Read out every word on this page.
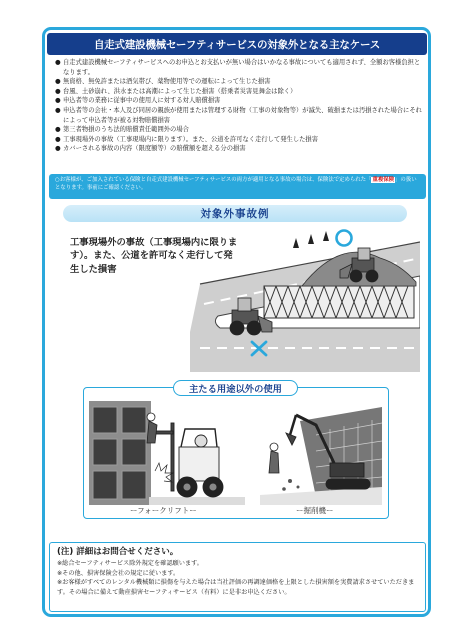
自走式建設機械セーフティサービスの対象外となる主なケース
● 自走式建設機械セーフティサービスへのお申込とお支払いが無い場合はいかなる事故についても適用されず、全額お客様負担となります。
● 無資格、無免許または酒気帯び、薬物使用等での運転によって生じた損害
● 台風、土砂崩れ、洪水または高潮によって生じた損害（搭乗者災害見舞金は除く）
● 申込者等の業務に従事中の使用人に対する対人賠償損害
● 申込者等の会社・本人及び同居の親族が使用または管理する財物（工事の対象物等）が滅失、破損または汚損された場合にそれによって申込者等が被る対物賠償損害
● 第三者物損のうち法的賠償責任範囲外の場合
● 工事現場外の事故（工事現場内に限ります）。また、公道を許可なく走行して発生した損害
● カバーされる事故の内容（限度額等）の賠償額を超える分の損害
○お客様が、ご加入されている保険と自走式建設機械セーフティサービスの両方が適用となる事故の場合は、保険法で定められた「重複保険」の扱いとなります。事前にご確認ください。
対象外事故例
工事現場外の事故（工事現場内に限ります）。また、公道を許可なく走行して発生した損害
主たる用途以外の使用
ーフォークリフトー	ー掘削機ー
(注) 詳細はお問合せください。
※総合セーフティサービス除外規定を確認願います。
※その他、損害保険会社の規定に従います。
※お客様がすべてのレンタル機械類に損傷を与えた場合は当社評価の再調達価格を上限とした損害額を実費請求させていただきます。その場合に備えて動産損害セーフティサービス（有料）に是非お申込ください。
